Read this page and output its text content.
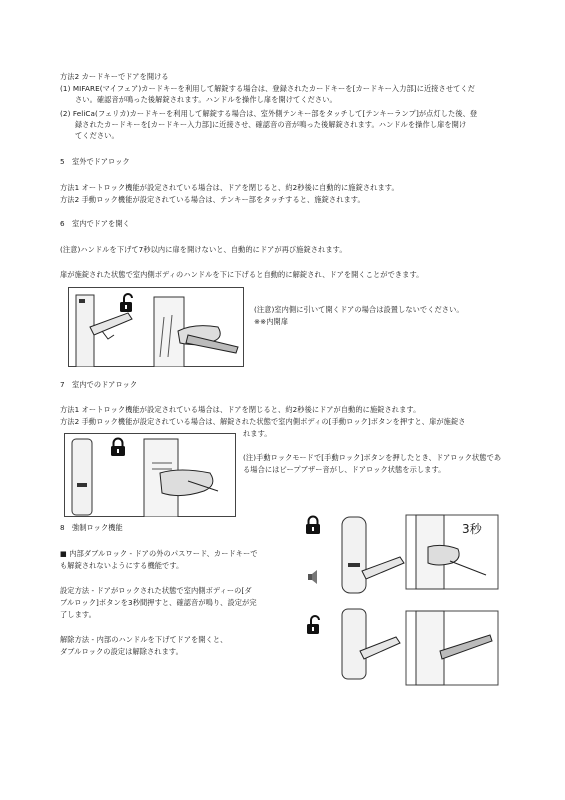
方法2 カードキーでドアを開ける
(1) MIFARE(マイフェア)カードキーを利用して解錠する場合は、登録されたカードキーを[カードキー入力部]に近接させてくだ
さい。確認音が鳴った後解錠されます。ハンドルを操作し扉を開けてください。
(2) FeliCa(フェリカ)カードキーを利用して解錠する場合は、室外側テンキー部をタッチして[テンキーランプ]が点灯した後、登
録されたカードキーを[カードキー入力部]に近接させ、確認音の音が鳴った後解錠されます。ハンドルを操作し扉を開け
てください。
5　室外でドアロック
方法1 オートロック機能が設定されている場合は、ドアを閉じると、約2秒後に自動的に施錠されます。
方法2 手動ロック機能が設定されている場合は、テンキー部をタッチすると、施錠されます。
6　室内でドアを開く
(注意)ハンドルを下げて7秒以内に扉を開けないと、自動的にドアが再び施錠されます。
扉が施錠された状態で室内側ボディのハンドルを下に下げると自動的に解錠され、ドアを開くことができます。
(注意)室内側に引いて開くドアの場合は設置しないでください。
※※内開扉
7　室内でのドアロック
方法1 オートロック機能が設定されている場合は、ドアを閉じると、約2秒後にドアが自動的に施錠されます。
方法2 手動ロック機能が設定されている場合は、解錠された状態で室内側ボディの[手動ロック]ボタンを押すと、扉が施錠さ
れます。
(注)手動ロックモードで[手動ロック]ボタンを押したとき、ドアロック状態であ
る場合にはビープブザー音がし、ドアロック状態を示します。
8　強制ロック機能
■ 内部ダブルロック - ドアの外のパスワード、カードキーで
も解錠されないようにする機能です。
設定方法 - ドアがロックされた状態で室内側ボディーの[ダ
ブルロック]ボタンを3秒間押すと、確認音が鳴り、設定が完
了します。
解除方法 - 内部のハンドルを下げてドアを開くと、
ダブルロックの設定は解除されます。
3秒
